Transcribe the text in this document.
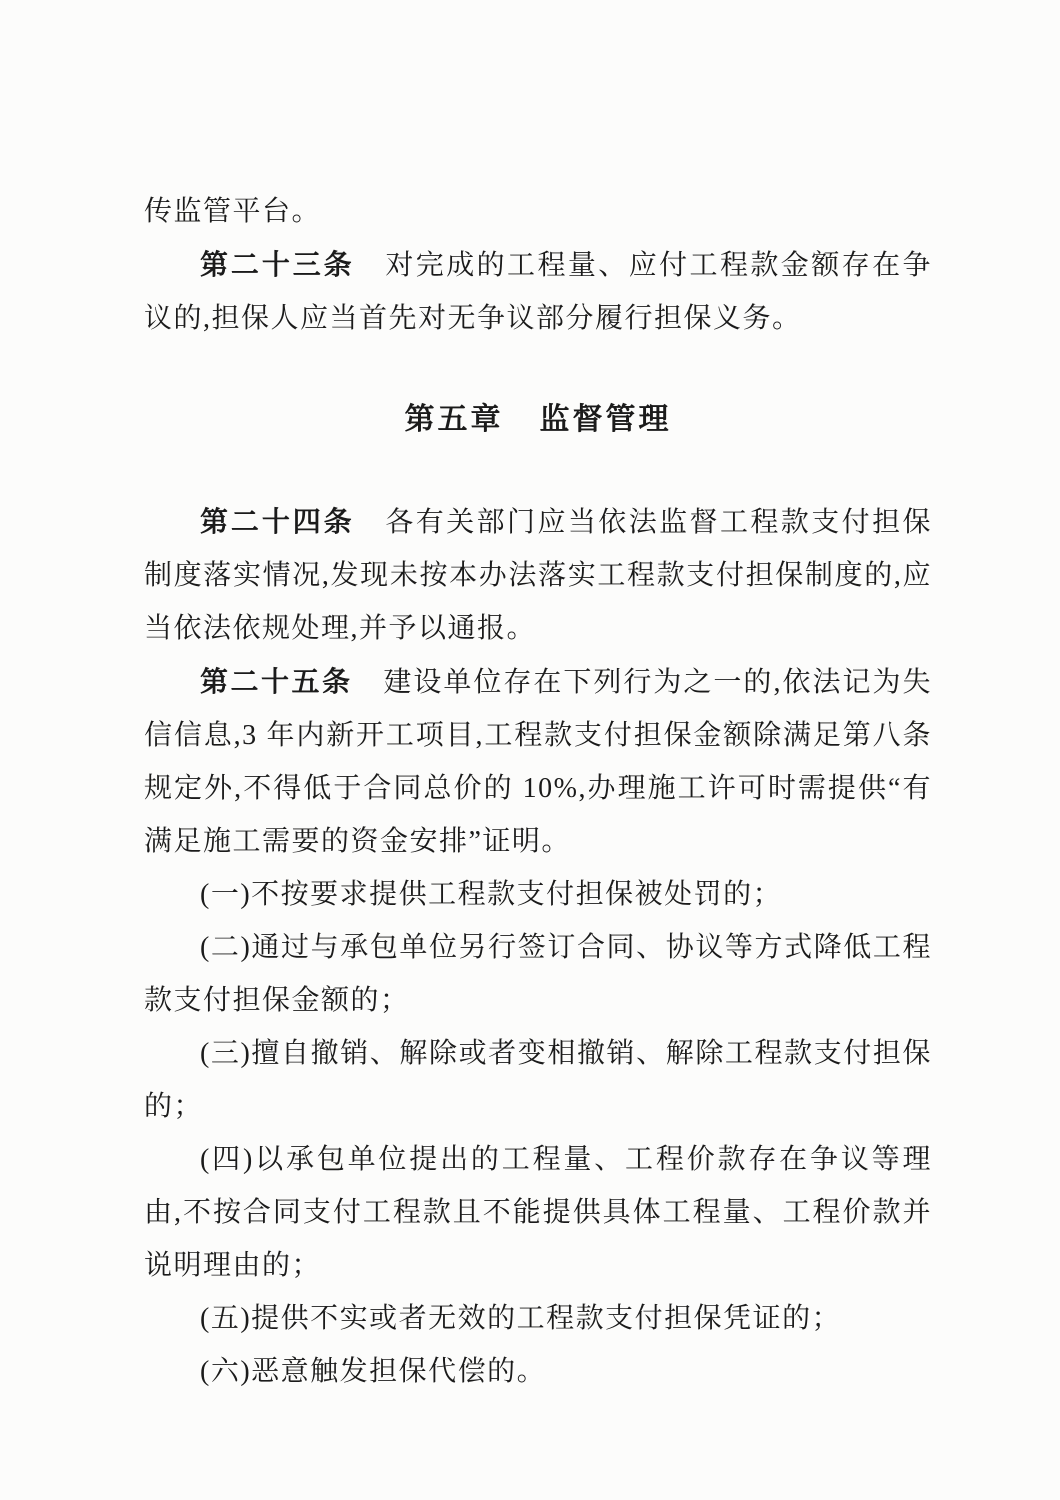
传监管平台。

第二十三条 对完成的工程量、应付工程款金额存在争议的,担保人应当首先对无争议部分履行担保义务。

第五章 监督管理

第二十四条 各有关部门应当依法监督工程款支付担保制度落实情况,发现未按本办法落实工程款支付担保制度的,应当依法依规处理,并予以通报。

第二十五条 建设单位存在下列行为之一的,依法记为失信信息,3 年内新开工项目,工程款支付担保金额除满足第八条规定外,不得低于合同总价的 10%,办理施工许可时需提供“有满足施工需要的资金安排”证明。

(一)不按要求提供工程款支付担保被处罚的；

(二)通过与承包单位另行签订合同、协议等方式降低工程款支付担保金额的；

(三)擅自撤销、解除或者变相撤销、解除工程款支付担保的；

(四)以承包单位提出的工程量、工程价款存在争议等理由,不按合同支付工程款且不能提供具体工程量、工程价款并说明理由的；

(五)提供不实或者无效的工程款支付担保凭证的；

(六)恶意触发担保代偿的。
